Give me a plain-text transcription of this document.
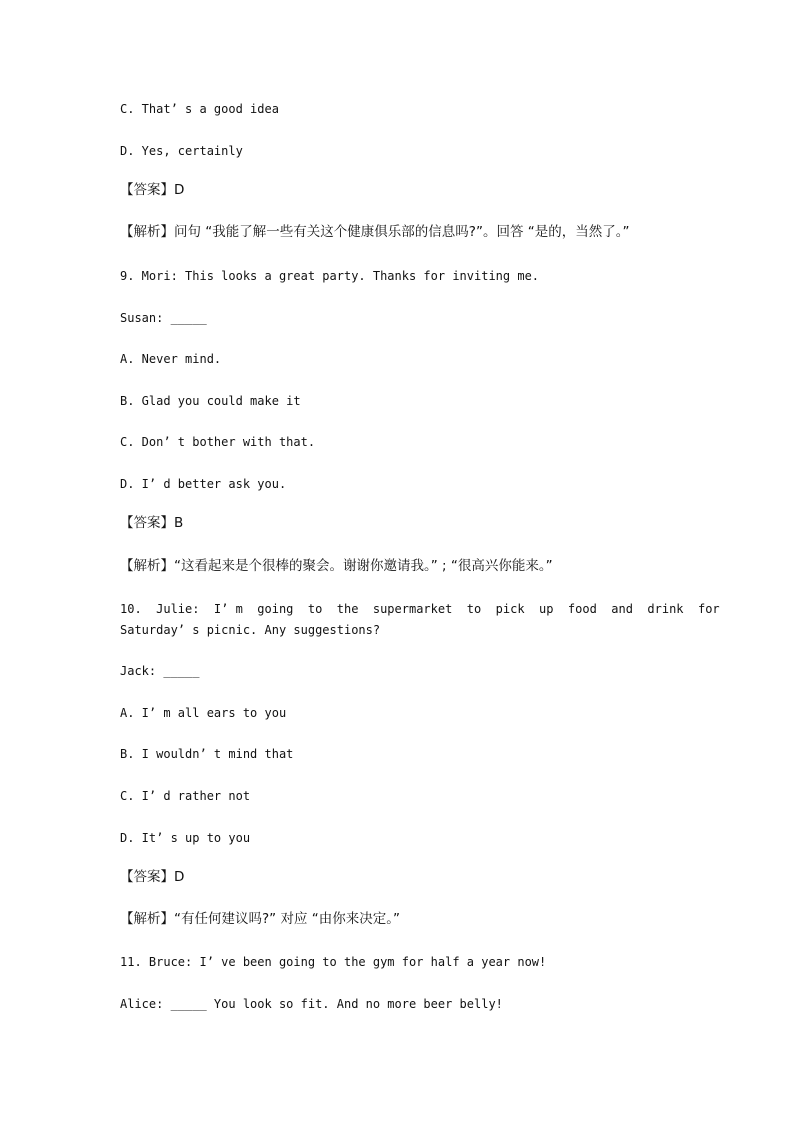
C. That’ s a good idea
D. Yes, certainly
【答案】D
【解析】问句 “我能了解一些有关这个健康俱乐部的信息吗?”。回答 “是的，当然了。”
9. Mori: This looks a great party. Thanks for inviting me.
Susan: _____
A. Never mind.
B. Glad you could make it
C. Don’ t bother with that.
D. I’ d better ask you.
【答案】B
【解析】“这看起来是个很棒的聚会。谢谢你邀请我。” ; “很高兴你能来。”
10.  Julie:  I’ m  going  to  the  supermarket  to  pick  up  food  and  drink  for
Saturday’ s picnic. Any suggestions?
Jack: _____
A. I’ m all ears to you
B. I wouldn’ t mind that
C. I’ d rather not
D. It’ s up to you
【答案】D
【解析】“有任何建议吗?” 对应 “由你来决定。”
11. Bruce: I’ ve been going to the gym for half a year now!
Alice: _____ You look so fit. And no more beer belly!
